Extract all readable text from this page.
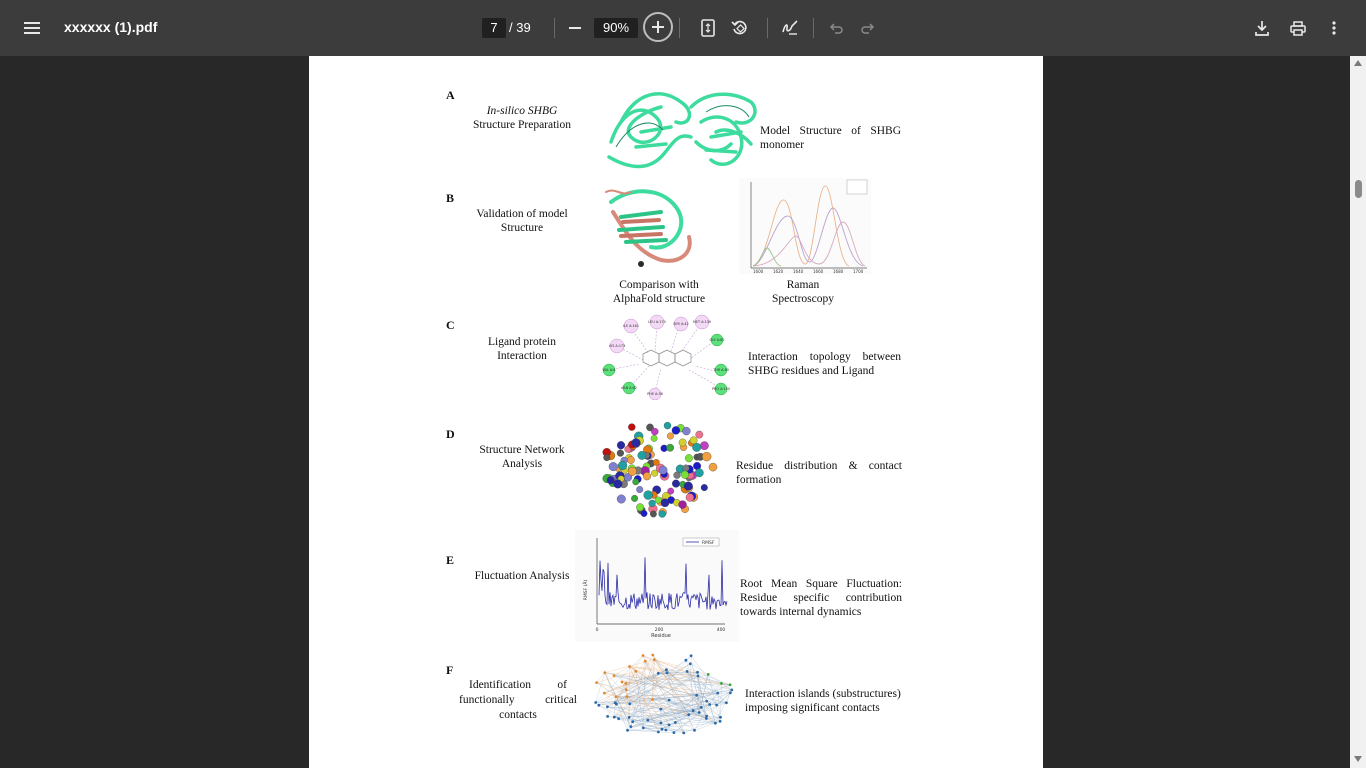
xxxxxx (1).pdf	7 / 39	90%
A
In-silico SHBG
Structure Preparation	Model Structure of SHBG
monomer
B
Validation of model
Structure
1600 1620 1640 1660 1680 1700
Comparison with
AlphaFold structure
Raman
Spectroscopy
C
Ligand protein
Interaction
LYS A:173
ILE A:161
LEU A:170 SER A:42 MET A:139
PHE A:56
VAL A:6
ASN A:82
GLY A:80
THR A:60
PRO A:100
Interaction topology between
SHBG residues and Ligand
D
Structure Network
Analysis	Residue distribution & contact
formation
E
Fluctuation Analysis
RMSF
Residue
RMSF (Å)
0	200	400
Root Mean Square Fluctuation:
Residue specific contribution
towards internal dynamics
F
Identification of
functionally critical
contacts
Interaction islands (substructures)
imposing significant contacts
